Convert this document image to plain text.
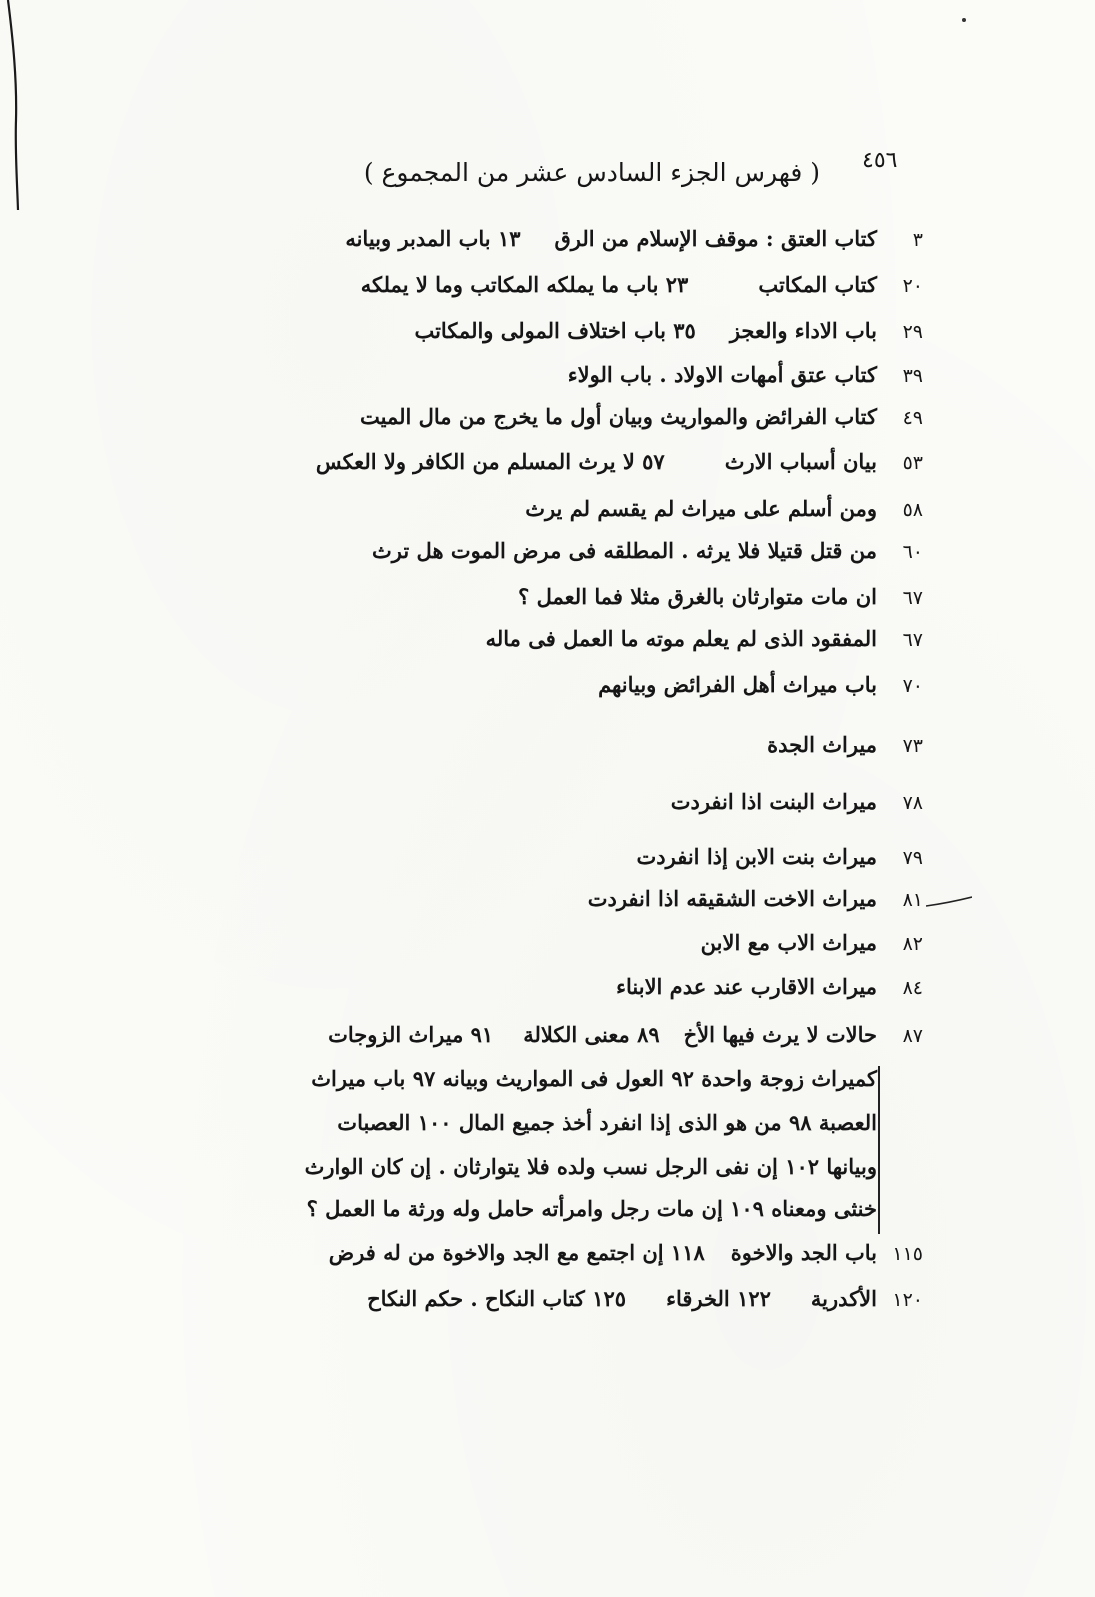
٤٥٦
( فهرس الجزء السادس عشر من المجموع )
٣
كتاب العتق : موقف الإسلام من الرق
١٣ باب المدبر وبيانه
٢٠
كتاب المكاتب
٢٣ باب ما يملكه المكاتب وما لا يملكه
٢٩
باب الاداء والعجز
٣٥ باب اختلاف المولى والمكاتب
٣٩
كتاب عتق أمهات الاولاد . باب الولاء
٤٩
كتاب الفرائض والمواريث وبيان أول ما يخرج من مال الميت
٥٣
بيان أسباب الارث
٥٧ لا يرث المسلم من الكافر ولا العكس
٥٨
ومن أسلم على ميراث لم يقسم لم يرث
٦٠
من قتل قتيلا فلا يرثه . المطلقه فى مرض الموت هل ترث
٦٧
ان مات متوارثان بالغرق مثلا فما العمل ؟
٦٧
المفقود الذى لم يعلم موته ما العمل فى ماله
٧٠
باب ميراث أهل الفرائض وبيانهم
٧٣
ميراث الجدة
٧٨
ميراث البنت اذا انفردت
٧٩
ميراث بنت الابن إذا انفردت
٨١
ميراث الاخت الشقيقه اذا انفردت
٨٢
ميراث الاب مع الابن
٨٤
ميراث الاقارب عند عدم الابناء
٨٧
حالات لا يرث فيها الأخ
٨٩ معنى الكلالة
٩١ ميراث الزوجات
كميراث زوجة واحدة ٩٢ العول فى المواريث وبيانه ٩٧ باب ميراث
العصبة ٩٨ من هو الذى إذا انفرد أخذ جميع المال ١٠٠ العصبات
وبيانها ١٠٢ إن نفى الرجل نسب ولده فلا يتوارثان . إن كان الوارث
خنثى ومعناه ١٠٩ إن مات رجل وامرأته حامل وله ورثة ما العمل ؟
١١٥
باب الجد والاخوة
١١٨ إن اجتمع مع الجد والاخوة من له فرض
١٢٠
الأكدرية
١٢٢ الخرقاء
١٢٥ كتاب النكاح . حكم النكاح
